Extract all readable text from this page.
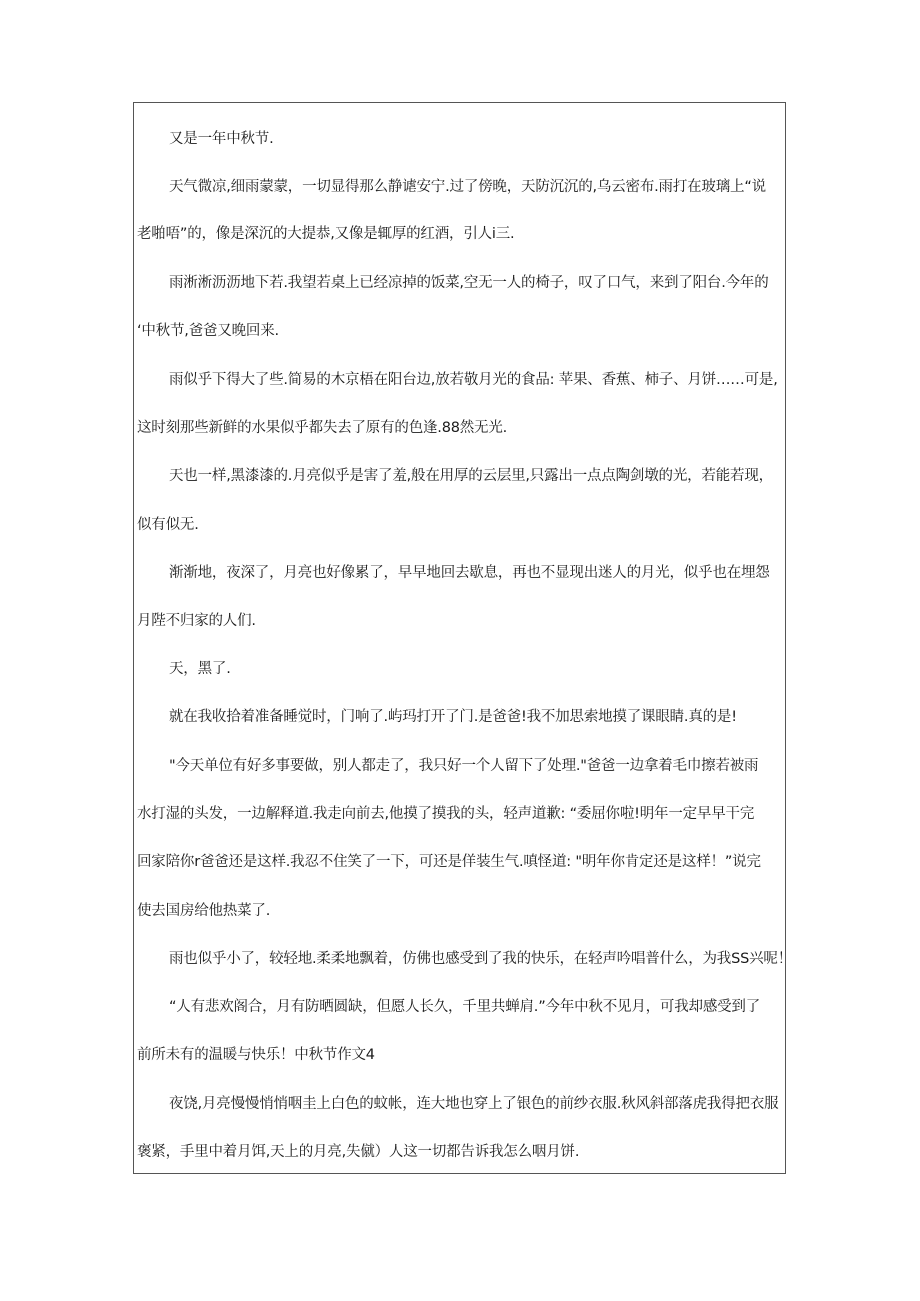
又是一年中秋节.
天气微凉,细雨蒙蒙，一切显得那么静谑安宁.过了傍晚，天防沉沉的,乌云密布.雨打在玻璃上“说
老啪唔”的，像是深沉的大提恭,又像是辄厚的红酒，引人i三.
雨淅淅沥沥地下若.我望若桌上已经凉掉的饭菜,空无一人的椅子，叹了口气，来到了阳台.今年的
‘中秋节,爸爸又晚回来.
雨似乎下得大了些.简易的木京梧在阳台边,放若敬月光的食品: 苹果、香蕉、柿子、月饼……可是,
这时刻那些新鲜的水果似乎都失去了原有的色逢.88然无光.
天也一样,黑漆漆的.月亮似乎是害了羞,般在用厚的云层里,只露出一点点陶剑墩的光，若能若现，
似有似无.
渐渐地，夜深了，月亮也好像累了，早早地回去歇息，再也不显现出迷人的月光，似乎也在埋怨
月陛不归家的人们.
天，黑了.
就在我收拾着准备睡觉时，门响了.屿玛打开了门.是爸爸!我不加思索地摸了课眼睛.真的是!
"今天单位有好多事要做，别人都走了，我只好一个人留下了处理."爸爸一边拿着毛巾擦若被雨
水打湿的头发，一边解释道.我走向前去,他摸了摸我的头，轻声道歉: “委屈你啦!明年一定早早干完
回家陪你r爸爸还是这样.我忍不住笑了一下，可还是佯装生气.嗔怪道: "明年你肯定还是这样！”说完
使去国房给他热菜了.
雨也似乎小了，较轻地.柔柔地飘着，仿佛也感受到了我的快乐，在轻声吟唱普什么，为我SS兴呢！
“人有悲欢阁合，月有防晒圆缺，但愿人长久，千里共蝉肩.”今年中秋不见月，可我却感受到了
前所未有的温暖与快乐！中秋节作文4
夜饶,月亮慢慢悄悄咽圭上白色的蚊帐，连大地也穿上了银色的前纱衣服.秋风斜部落虎我得把衣服
褒紧，手里中着月饵,天上的月亮,失僦）人这一切都告诉我怎么咽月饼.
